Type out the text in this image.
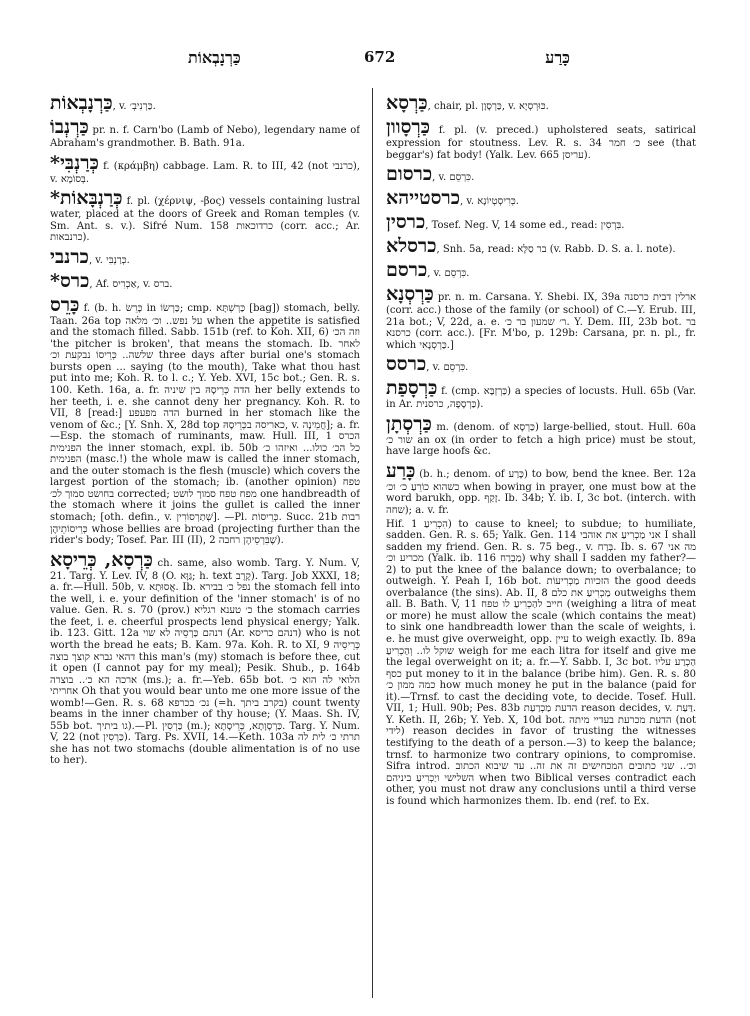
כַּרְנָבְאוֹת	672	כָּרַע

כַּרְנָבְאוֹת, v. כַּרְנִיבְ׳.

כַּרְנְבוֹ pr. n. f. Carn'bo (Lamb of Nebo), legendary name of Abraham's grandmother. B. Bath. 91a.

*כְּרַנְבִּי f. (κράμβη) cabbage. Lam. R. to III, 42 (not כרנבי), v. בְּסוֹמָא.

*כְּרַנְבָּאוֹת f. pl. (χέρνιψ, -βος) vessels containing lustral water, placed at the doors of Greek and Roman temples (v. Sm. Ant. s. v.). Sifré Num. 158 כרדוכאות (corr. acc.; Ar. כרנבאות).

כרנבי, v. כְּרַנְבִּי.

*כרס, Af. אַכְרִיס, v. ברס.

כָּרֵס f. (b. h. כָּרֵשׂ in כַּרְשׂוֹ; cmp. כַּרְשְׁתָּא [bag]) stomach, belly. Taan. 26a top על נפש.. וכ׳ מלאה when the appetite is satisfied and the stomach filled. Sabb. 151b (ref. to Koh. XII, 6) וזה הכ׳ 'the pitcher is broken', that means the stomach. Ib. לאחר שלשה.. כְּרֵיסוֹ נבקעת וכ׳ three days after burial one's stomach bursts open ... saying (to the mouth), Take what thou hast put into me; Koh. R. to l. c.; Y. Yeb. XVI, 15c bot.; Gen. R. s. 100. Keth. 16a, a. fr. הדה כְּרֵיסָהּ בין שיניה her belly extends to her teeth, i. e. she cannot deny her pregnancy. Koh. R. to VII, 8 [read:] הדה מפעפע burned in her stomach like the venom of &c.; [Y. Snh. X, 28d top כאריסה בכְּרֵיסָהּ, v. חֲמֵינָה]; a. fr.—Esp. the stomach of ruminants, maw. Hull. III, 1 הכרס הפנימית the inner stomach, expl. ib. 50b כל הכ׳ כולו... ואיזהו כ׳ הפנימית (masc.!) the whole maw is called the inner stomach, and the outer stomach is the flesh (muscle) which covers the largest portion of the stomach; ib. (another opinion) טפח בחושט סמוך לכ׳ corrected; מפח טפח סמוך לושט one handbreadth of the stomach where it joins the gullet is called the inner stomach; [oth. defin., v. שְׁתַרְסוֹרִין]. —Pl. כְּרֵיסוֹת. Succ. 21b רבות כְּרֵיסוֹתֵיהֶן whose bellies are broad (projecting further than the rider's body; Tosef. Par. III (II), 2 שֶׁבִּרְסֵיהֶן רחבה).

כַּרְסָא, כְּרֵיסָא ch. same, also womb. Targ. Y. Num. V, 21. Targ. Y. Lev. IV, 8 (O. גַּוָּא; h. text קֶרֶב). Targ. Job XXXI, 18; a. fr.—Hull. 50b, v. אֲסוּתָא. Ib. נפל כ׳ בבירא the stomach fell into the well, i. e. your definition of the 'inner stomach' is of no value. Gen. R. s. 70 (prov.) כ׳ טענא רגליא the stomach carries the feet, i. e. cheerful prospects lend physical energy; Yalk. ib. 123. Gitt. 12a דנהם כַּרְסֵיה לא שוי (Ar. דנהם כריסא) who is not worth the bread he eats; B. Kam. 97a. Koh. R. to XI, 9 כְּרֵיסֵיה דהאי גברא קוצך בוצה this man's (my) stomach is before thee, cut it open (I cannot pay for my meal); Pesik. Shub., p. 164b ארכה הא כ׳.. בוצרה (ms.); a. fr.—Yeb. 65b bot. הלואי לה הוא כ׳ אחריתי Oh that you would bear unto me one more issue of the womb!—Gen. R. s. 68 נכ׳ בכרפא (=h. בקרב ביתך) count twenty beams in the inner chamber of thy house; (Y. Maas. Sh. IV, 55b bot. גו ביתיך).—Pl. כַּרְסִין (m.); כַּרְסָוָתָא, כְּרֵיסָתָא. Targ. Y. Num. V, 22 (not כַּרְסִין). Targ. Ps. XVII, 14.—Keth. 103a תרתי כ׳ לית לה she has not two stomachs (double alimentation is of no use to her).

כַּרְסָא, chair, pl. כַּרְסָוָן, v. כּוּרְסְיָא.

כַּרְסָוון f. pl. (v. preced.) upholstered seats, satirical expression for stoutness. Lev. R. s. 34 כ׳ חמר see (that beggar's) fat body! (Yalk. Lev. 665 עריסן).

כרסום, v. כִּרְסֵם.

כרסטייהא, v. כְּרִיסְטְיוֹנָא.

כרסין, Tosef. Neg. V, 14 some ed., read: בִּרְסִין.

כרסלא, Snh. 5a, read: בר סַלָּא (v. Rabb. D. S. a. l. note).

כרסם, v. כִּרְסֵם.

כַּרְסְנָא pr. n. m. Carsana. Y. Shebi. IX, 39a ארלין דבית כרסנה (corr. acc.) those of the family (or school) of C.—Y. Erub. III, 21a bot.; V, 22d, a. e. ר׳ שמעון בר כ׳. Y. Dem. III, 23b bot. בר כרסנא (corr. acc.). [Fr. M'bo, p. 129b: Carsana, pr. n. pl., fr. which כַּרְסְנָאִי.]

כרסס, v. כִּרְסֵם.

כַּרְסָפַת f. (cmp. כַּרְזְבָּא) a species of locusts. Hull. 65b (Var. in Ar. כַּרְסָפָה, כרסנית).

כַּרְסְתָן m. (denom. of כַּרְסָא) large-bellied, stout. Hull. 60a שור כ׳ an ox (in order to fetch a high price) must be stout, have large hoofs &c.

כָּרַע (b. h.; denom. of כֶּרַע) to bow, bend the knee. Ber. 12a כשהוא כוֹרֵעַ כ׳ וכ׳ when bowing in prayer, one must bow at the word barukh, opp. זָקַף. Ib. 34b; Y. ib. I, 3c bot. (interch. with שחה); a. v. fr.

Hif. הִכְרִיעַ 1) to cause to kneel; to subdue; to humiliate, sadden. Gen. R. s. 65; Yalk. Gen. 114 אני מַכְרִיעַ את אוהבי I shall sadden my friend. Gen. R. s. 75 beg., v. בְּרַח. Ib. s. 67 מה אני מכריע וכ׳ (Yalk. ib. 116 מַבְרַח) why shall I sadden my father?—2) to put the knee of the balance down; to overbalance; to outweigh. Y. Peah I, 16b bot. הזכיות מַכְרִיעוֹת the good deeds overbalance (the sins). Ab. II, 8 מַכְרִיעַ את כלם outweighs them all. B. Bath. V, 11 חייב להַכְרִיעַ לו טפח (weighing a litra of meat or more) he must allow the scale (which contains the meat) to sink one handbreadth lower than the scale of weights, i. e. he must give overweight, opp. עיין to weigh exactly. Ib. 89a שוקל לו.. וְהַכְרִיעַ weigh for me each litra for itself and give me the legal overweight on it; a. fr.—Y. Sabb. I, 3c bot. הַכְרַע עליו כסף put money to it in the balance (bribe him). Gen. R. s. 80 כמה ממון כ׳ how much money he put in the balance (paid for it).—Trnsf. to cast the deciding vote, to decide. Tosef. Hull. VII, 1; Hull. 90b; Pes. 83b הדעת מַכְרַעַת reason decides, v. דַּעַת. Y. Keth. II, 26b; Y. Yeb. X, 10d bot. הדעת מכרעת בעדיי מיתה (not לידי) reason decides in favor of trusting the witnesses testifying to the death of a person.—3) to keep the balance; trnsf. to harmonize two contrary opinions, to compromise. Sifra introd. וכ׳.. שני כתובים המכחישים זה את זה.. עד שיבוא הכתוב השלישי ויַכְרִיעַ ביניהם when two Biblical verses contradict each other, you must not draw any conclusions until a third verse is found which harmonizes them. Ib. end (ref. to Ex.
